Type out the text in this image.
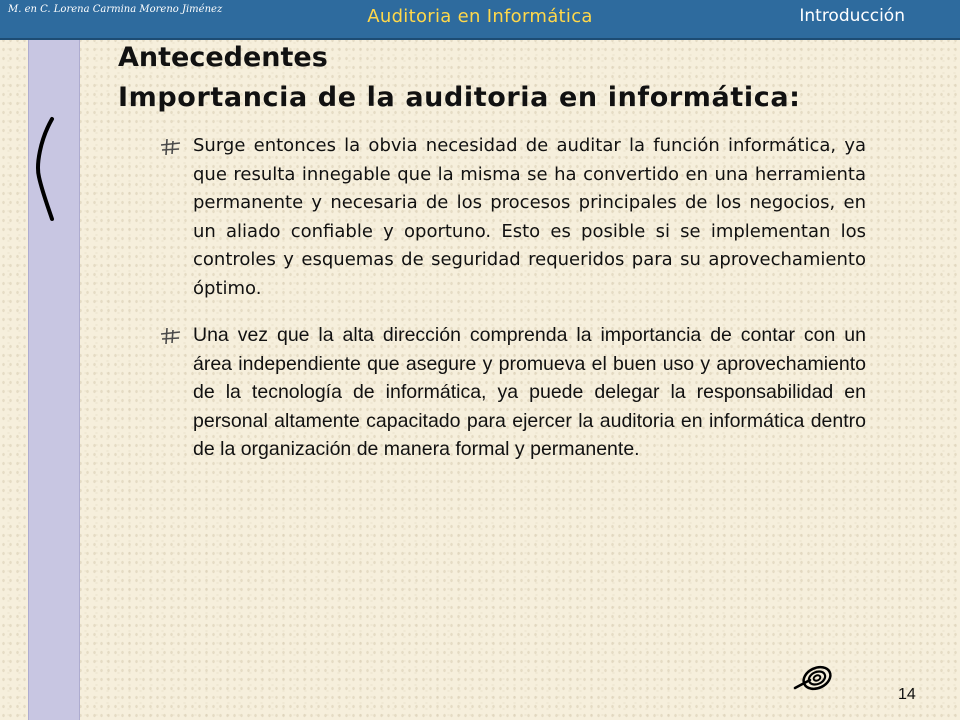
M. en C. Lorena Carmina Moreno Jiménez	Auditoria en Informática	Introducción
Antecedentes
Importancia de la auditoria en informática:
Surge entonces la obvia necesidad de auditar la función informática, ya que resulta innegable que la misma se ha convertido en una herramienta permanente y necesaria de los procesos principales de los negocios, en un aliado confiable y oportuno. Esto es posible si se implementan los controles y esquemas de seguridad requeridos para su aprovechamiento óptimo.
Una vez que la alta dirección comprenda la importancia de contar con un área independiente que asegure y promueva el buen uso y aprovechamiento de la tecnología de informática, ya puede delegar la responsabilidad en personal altamente capacitado para ejercer la auditoria en informática dentro de la organización de manera formal y permanente.
14
